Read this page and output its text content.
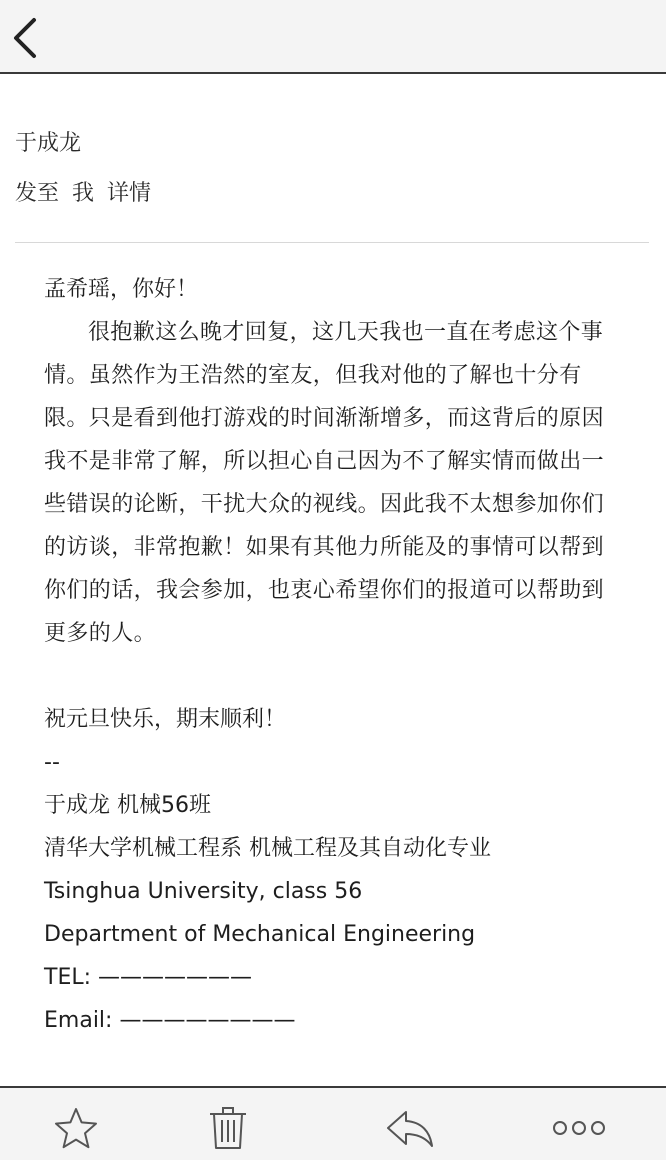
于成龙
发至 我 详情

孟希瑶，你好！

很抱歉这么晚才回复，这几天我也一直在考虑这个事情。虽然作为王浩然的室友，但我对他的了解也十分有限。只是看到他打游戏的时间渐渐增多，而这背后的原因我不是非常了解，所以担心自己因为不了解实情而做出一些错误的论断，干扰大众的视线。因此我不太想参加你们的访谈，非常抱歉！如果有其他力所能及的事情可以帮到你们的话，我会参加，也衷心希望你们的报道可以帮助到更多的人。

祝元旦快乐，期末顺利！

--

于成龙 机械56班

清华大学机械工程系 机械工程及其自动化专业

Tsinghua University, class 56

Department of Mechanical Engineering

TEL: ———————

Email: ————————
